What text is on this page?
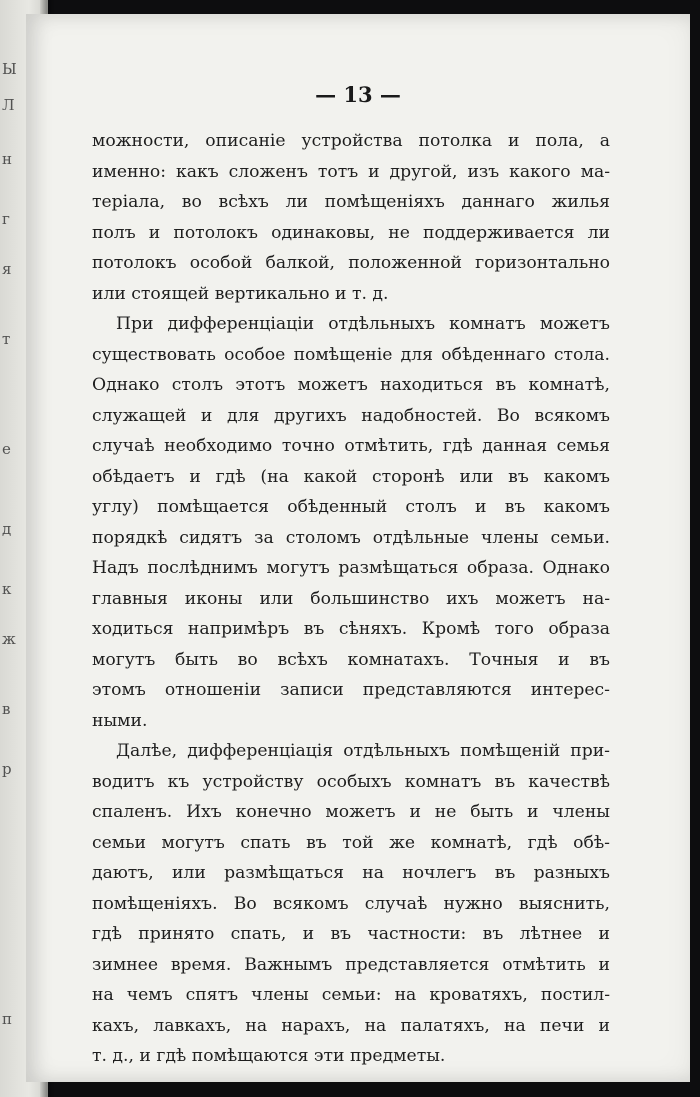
Ы
Л
н
г
я
т
е
д
к
ж
в
р
п
— 13 —
можности, описаніе устройства потолка и пола, а
именно: какъ сложенъ тотъ и другой, изъ какого ма-
теріала, во всѣхъ ли помѣщеніяхъ даннаго жилья
полъ и потолокъ одинаковы, не поддерживается ли
потолокъ особой балкой, положенной горизонтально
или стоящей вертикально и т. д.
При дифференціаціи отдѣльныхъ комнатъ можетъ
существовать особое помѣщеніе для обѣденнаго стола.
Однако столъ этотъ можетъ находиться въ комнатѣ,
служащей и для другихъ надобностей. Во всякомъ
случаѣ необходимо точно отмѣтить, гдѣ данная семья
обѣдаетъ и гдѣ (на какой сторонѣ или въ какомъ
углу) помѣщается обѣденный столъ и въ какомъ
порядкѣ сидятъ за столомъ отдѣльные члены семьи.
Надъ послѣднимъ могутъ размѣщаться образа. Однако
главныя иконы или большинство ихъ можетъ на-
ходиться напримѣръ въ сѣняхъ. Кромѣ того образа
могутъ быть во всѣхъ комнатахъ. Точныя и въ
этомъ отношеніи записи представляются интерес-
ными.
Далѣе, дифференціація отдѣльныхъ помѣщеній при-
водитъ къ устройству особыхъ комнатъ въ качествѣ
спаленъ. Ихъ конечно можетъ и не быть и члены
семьи могутъ спать въ той же комнатѣ, гдѣ обѣ-
даютъ, или размѣщаться на ночлегъ въ разныхъ
помѣщеніяхъ. Во всякомъ случаѣ нужно выяснить,
гдѣ принято спать, и въ частности: въ лѣтнее и
зимнее время. Важнымъ представляется отмѣтить и
на чемъ спятъ члены семьи: на кроватяхъ, постил-
кахъ, лавкахъ, на нарахъ, на палатяхъ, на печи и
т. д., и гдѣ помѣщаются эти предметы.
